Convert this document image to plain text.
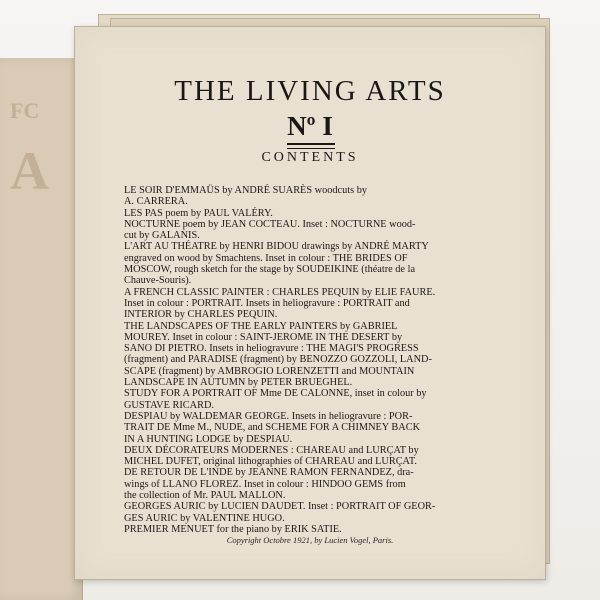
FC
A
THE LIVING ARTS
Nº I
CONTENTS
LE SOIR D'EMMAÜS by ANDRÉ SUARÈS woodcuts by
A. CARRERA.
LES PAS poem by PAUL VALÉRY.
NOCTURNE poem by JEAN COCTEAU. Inset : NOCTURNE wood-
cut by GALANIS.
L'ART AU THÉATRE by HENRI BIDOU drawings by ANDRÉ MARTY
engraved on wood by Smachtens. Inset in colour : THE BRIDES OF
MOSCOW, rough sketch for the stage by SOUDEIKINE (théatre de la
Chauve-Souris).
A FRENCH CLASSIC PAINTER : CHARLES PEQUIN by ELIE FAURE.
Inset in colour : PORTRAIT. Insets in heliogravure : PORTRAIT and
INTERIOR by CHARLES PEQUIN.
THE LANDSCAPES OF THE EARLY PAINTERS by GABRIEL
MOUREY. Inset in colour : SAINT-JEROME IN THE DESERT by
SANO DI PIETRO. Insets in heliogravure : THE MAGI'S PROGRESS
(fragment) and PARADISE (fragment) by BENOZZO GOZZOLI, LAND-
SCAPE (fragment) by AMBROGIO LORENZETTI and MOUNTAIN
LANDSCAPE IN AUTUMN by PETER BRUEGHEL.
STUDY FOR A PORTRAIT OF Mme DE CALONNE, inset in colour by
GUSTAVE RICARD.
DESPIAU by WALDEMAR GEORGE. Insets in heliogravure : POR-
TRAIT DE Mme M., NUDE, and SCHEME FOR A CHIMNEY BACK
IN A HUNTING LODGE by DESPIAU.
DEUX DÉCORATEURS MODERNES : CHAREAU and LURÇAT by
MICHEL DUFET, original lithographies of CHAREAU and LURÇAT.
DE RETOUR DE L'INDE by JEANNE RAMON FERNANDEZ, dra-
wings of LLANO FLOREZ. Inset in colour : HINDOO GEMS from
the collection of Mr. PAUL MALLON.
GEORGES AURIC by LUCIEN DAUDET. Inset : PORTRAIT OF GEOR-
GES AURIC by VALENTINE HUGO.
PREMIER MENUET for the piano by ERIK SATIE.
Copyright Octobre 1921, by Lucien Vogel, Paris.
